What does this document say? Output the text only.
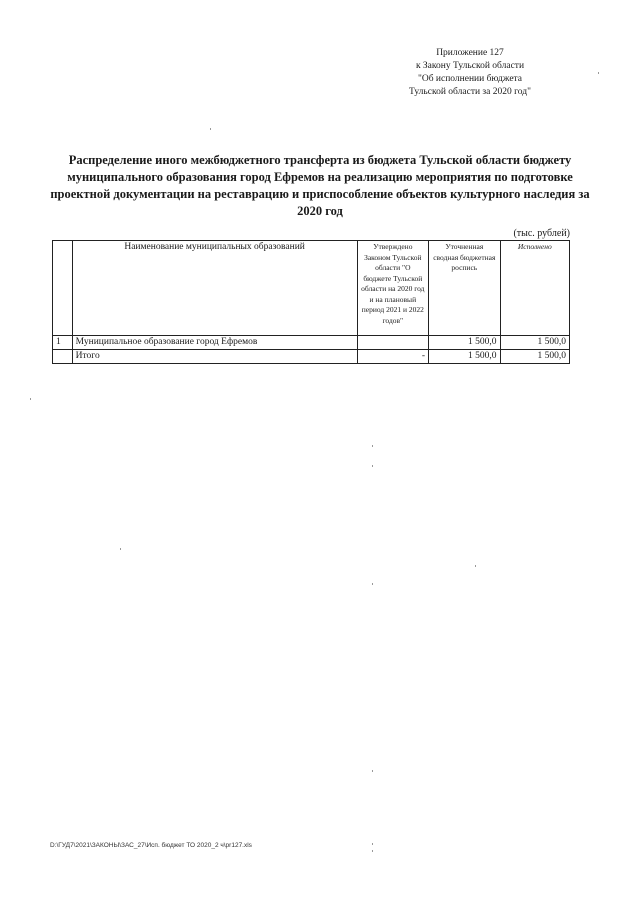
Приложение 127
к Закону Тульской области
"Об исполнении бюджета
Тульской области за 2020 год"
Распределение иного межбюджетного трансферта из бюджета Тульской области бюджету муниципального образования город Ефремов на реализацию мероприятия по подготовке проектной документации на реставрацию и приспособление объектов культурного наследия за 2020 год
(тыс. рублей)
	Наименование муниципальных образований	Утверждено Законом Тульской области "О бюджете Тульской области на 2020 год и на плановый период 2021 и 2022 годов"	Уточненная сводная бюджетная роспись	Исполнено
1	Муниципальное образование город Ефремов		1 500,0	1 500,0
	Итого	-	1 500,0	1 500,0
D:\ГУД7\2021\ЗАКОНЫ\ЗАС_27\Исп. бюджет ТО 2020_2 ч\pr127.xls
